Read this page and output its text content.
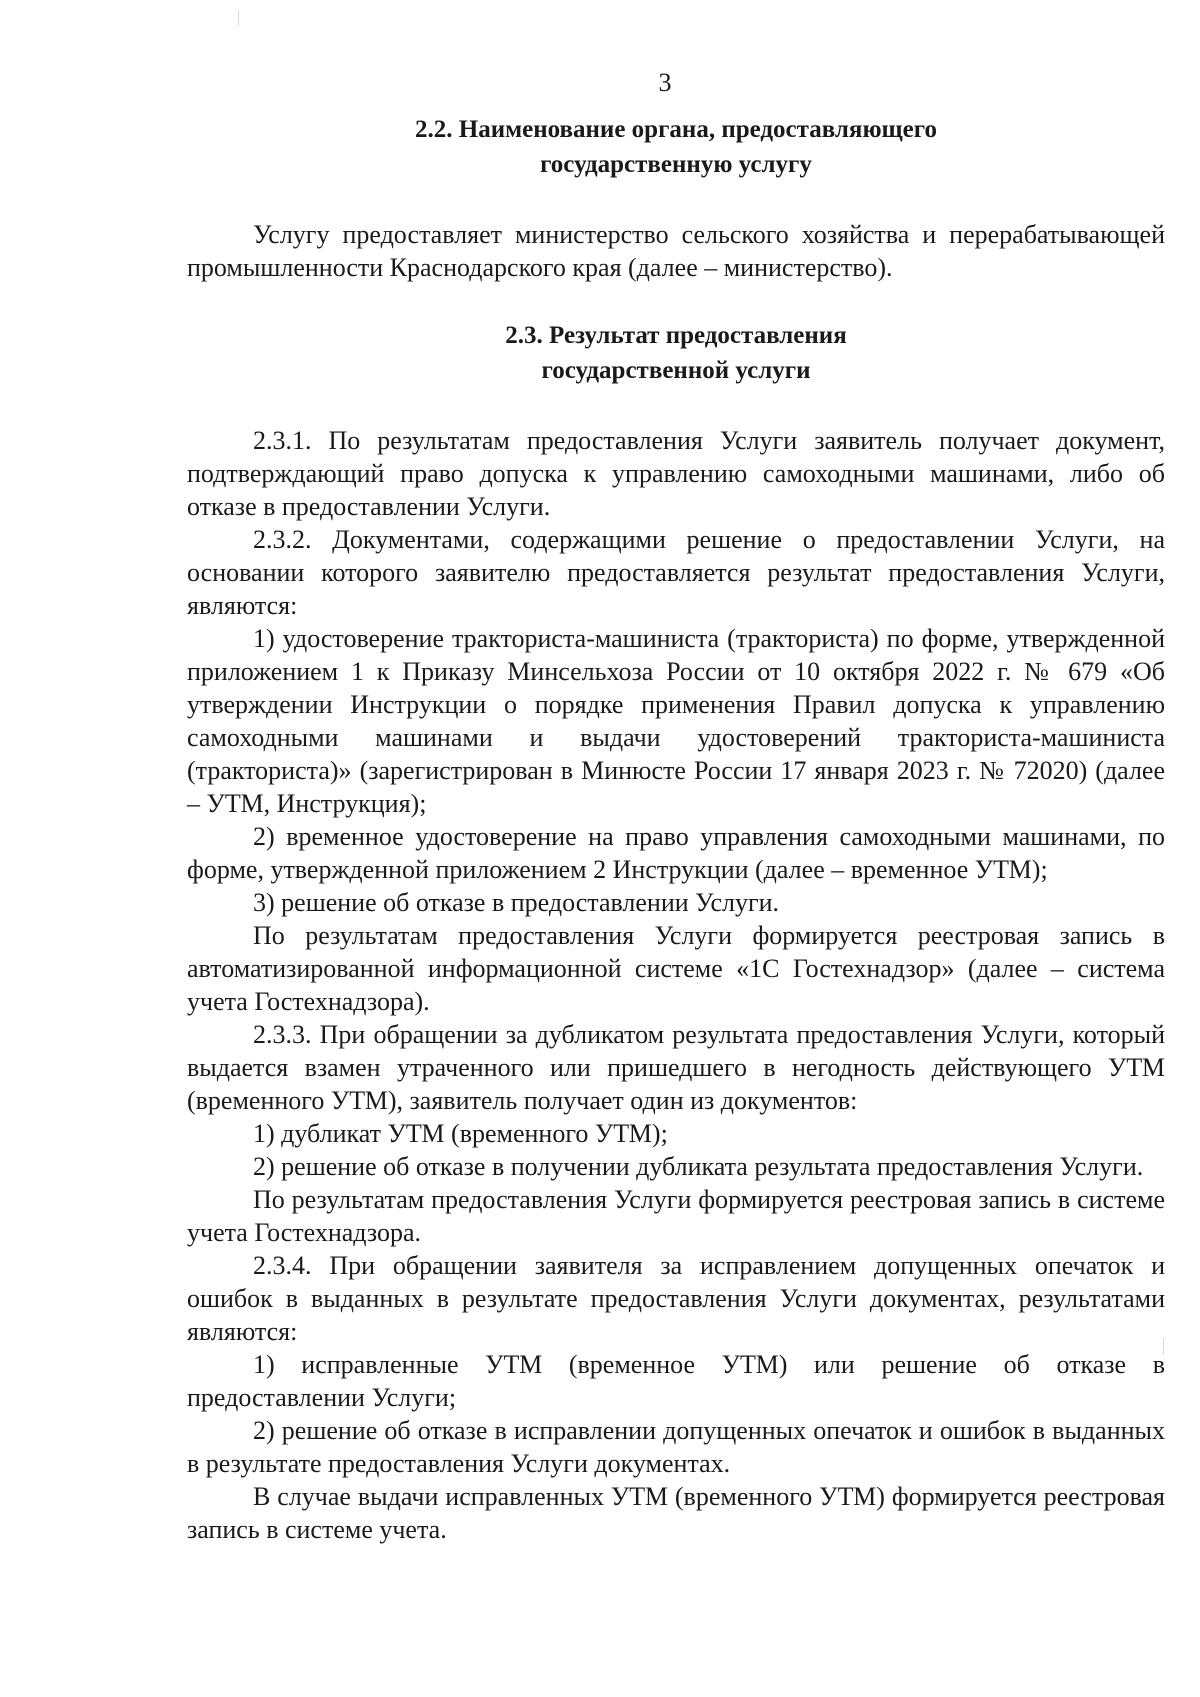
3
2.2. Наименование органа, предоставляющего
государственную услугу

Услугу предоставляет министерство сельского хозяйства и перерабатывающей промышленности Краснодарского края (далее – министерство).

2.3. Результат предоставления
государственной услуги

2.3.1. По результатам предоставления Услуги заявитель получает документ, подтверждающий право допуска к управлению самоходными машинами, либо об отказе в предоставлении Услуги.

2.3.2. Документами, содержащими решение о предоставлении Услуги, на основании которого заявителю предоставляется результат предоставления Услуги, являются:

1) удостоверение тракториста-машиниста (тракториста) по форме, утвержденной приложением 1 к Приказу Минсельхоза России от 10 октября 2022 г. № 679 «Об утверждении Инструкции о порядке применения Правил допуска к управлению самоходными машинами и выдачи удостоверений тракториста-машиниста (тракториста)» (зарегистрирован в Минюсте России 17 января 2023 г. № 72020) (далее – УТМ, Инструкция);

2) временное удостоверение на право управления самоходными машинами, по форме, утвержденной приложением 2 Инструкции (далее – временное УТМ);

3) решение об отказе в предоставлении Услуги.

По результатам предоставления Услуги формируется реестровая запись в автоматизированной информационной системе «1С Гостехнадзор» (далее – система учета Гостехнадзора).

2.3.3. При обращении за дубликатом результата предоставления Услуги, который выдается взамен утраченного или пришедшего в негодность действующего УТМ (временного УТМ), заявитель получает один из документов:

1) дубликат УТМ (временного УТМ);

2) решение об отказе в получении дубликата результата предоставления Услуги.

По результатам предоставления Услуги формируется реестровая запись в системе учета Гостехнадзора.

2.3.4. При обращении заявителя за исправлением допущенных опечаток и ошибок в выданных в результате предоставления Услуги документах, результатами являются:

1) исправленные УТМ (временное УТМ) или решение об отказе в предоставлении Услуги;

2) решение об отказе в исправлении допущенных опечаток и ошибок в выданных в результате предоставления Услуги документах.

В случае выдачи исправленных УТМ (временного УТМ) формируется реестровая запись в системе учета.
